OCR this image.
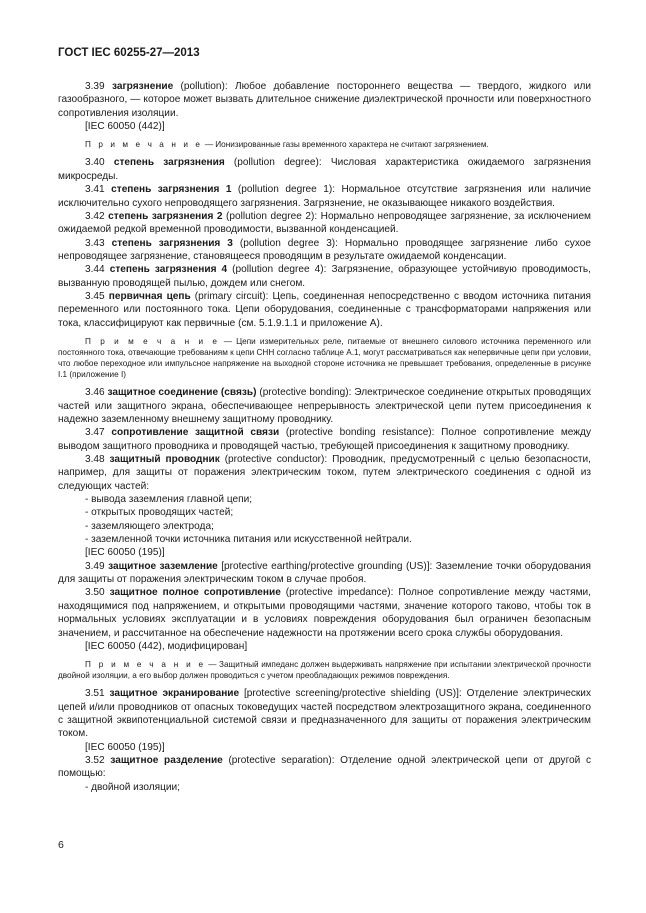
ГОСТ IEC 60255-27—2013

3.39 загрязнение (pollution): Любое добавление постороннего вещества — твердого, жидкого или газообразного, — которое может вызвать длительное снижение диэлектрической прочности или поверхностного сопротивления изоляции.

[IEC 60050 (442)]

П р и м е ч а н и е — Ионизированные газы временного характера не считают загрязнением.

3.40 степень загрязнения (pollution degree): Числовая характеристика ожидаемого загрязнения микросреды.

3.41 степень загрязнения 1 (pollution degree 1): Нормальное отсутствие загрязнения или наличие исключительно сухого непроводящего загрязнения. Загрязнение, не оказывающее никакого воздействия.

3.42 степень загрязнения 2 (pollution degree 2): Нормально непроводящее загрязнение, за исключением ожидаемой редкой временной проводимости, вызванной конденсацией.

3.43 степень загрязнения 3 (pollution degree 3): Нормально проводящее загрязнение либо сухое непроводящее загрязнение, становящееся проводящим в результате ожидаемой конденсации.

3.44 степень загрязнения 4 (pollution degree 4): Загрязнение, образующее устойчивую проводимость, вызванную проводящей пылью, дождем или снегом.

3.45 первичная цепь (primary circuit): Цепь, соединенная непосредственно с вводом источника питания переменного или постоянного тока. Цепи оборудования, соединенные с трансформаторами напряжения или тока, классифицируют как первичные (см. 5.1.9.1.1 и приложение А).

П р и м е ч а н и е — Цепи измерительных реле, питаемые от внешнего силового источника переменного или постоянного тока, отвечающие требованиям к цепи СНН согласно таблице А.1, могут рассматриваться как непервичные цепи при условии, что любое переходное или импульсное напряжение на выходной стороне источника не превышает требования, определенные в рисунке I.1 (приложение I)

3.46 защитное соединение (связь) (protective bonding): Электрическое соединение открытых проводящих частей или защитного экрана, обеспечивающее непрерывность электрической цепи путем присоединения к надежно заземленному внешнему защитному проводнику.

3.47 сопротивление защитной связи (protective bonding resistance): Полное сопротивление между выводом защитного проводника и проводящей частью, требующей присоединения к защитному проводнику.

3.48 защитный проводник (protective conductor): Проводник, предусмотренный с целью безопасности, например, для защиты от поражения электрическим током, путем электрического соединения с одной из следующих частей:

- вывода заземления главной цепи;

- открытых проводящих частей;

- заземляющего электрода;

- заземленной точки источника питания или искусственной нейтрали.

[IEC 60050 (195)]

3.49 защитное заземление [protective earthing/protective grounding (US)]: Заземление точки оборудования для защиты от поражения электрическим током в случае пробоя.

3.50 защитное полное сопротивление (protective impedance): Полное сопротивление между частями, находящимися под напряжением, и открытыми проводящими частями, значение которого таково, чтобы ток в нормальных условиях эксплуатации и в условиях повреждения оборудования был ограничен безопасным значением, и рассчитанное на обеспечение надежности на протяжении всего срока службы оборудования.

[IEC 60050 (442), модифицирован]

П р и м е ч а н и е — Защитный импеданс должен выдерживать напряжение при испытании электрической прочности двойной изоляции, а его выбор должен проводиться с учетом преобладающих режимов повреждения.

3.51 защитное экранирование [protective screening/protective shielding (US)]: Отделение электрических цепей и/или проводников от опасных токоведущих частей посредством электрозащитного экрана, соединенного с защитной эквипотенциальной системой связи и предназначенного для защиты от поражения электрическим током.

[IEC 60050 (195)]

3.52 защитное разделение (protective separation): Отделение одной электрической цепи от другой с помощью:

- двойной изоляции;

6
